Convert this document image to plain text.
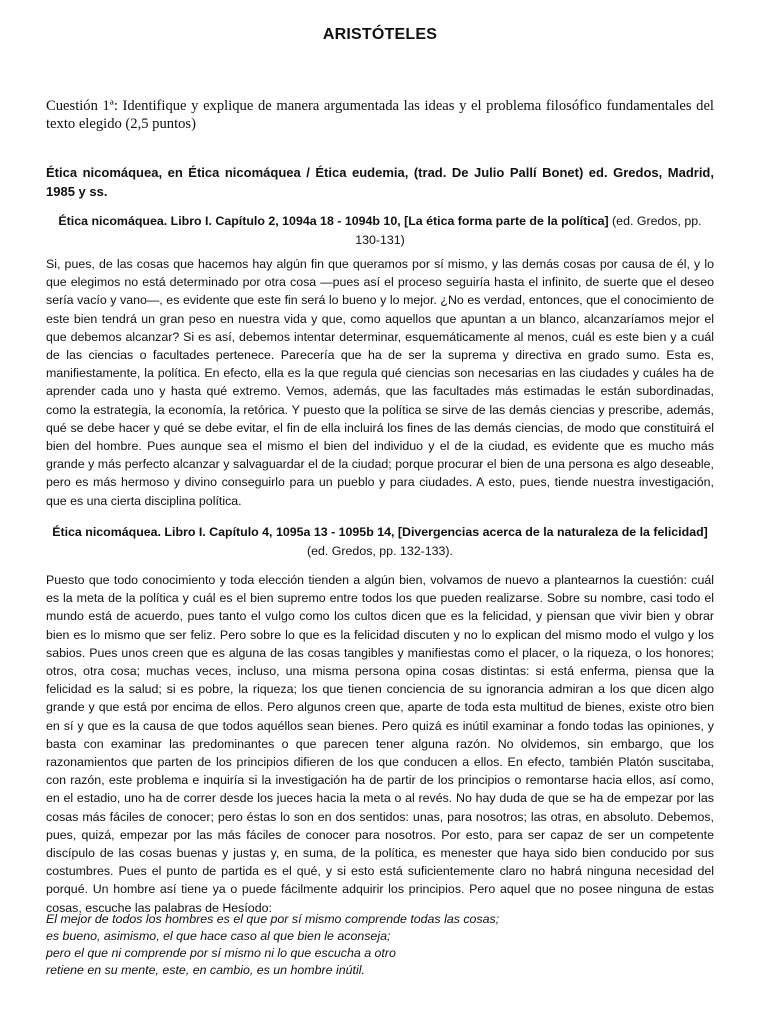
ARISTÓTELES
Cuestión 1ª: Identifique y explique de manera argumentada las ideas y el problema filosófico fundamentales del texto elegido (2,5 puntos)
Ética nicomáquea, en Ética nicomáquea / Ética eudemia, (trad. De Julio Pallí Bonet) ed. Gredos, Madrid, 1985 y ss.
Ética nicomáquea. Libro I. Capítulo 2, 1094a 18 - 1094b 10, [La ética forma parte de la política] (ed. Gredos, pp. 130-131)
Si, pues, de las cosas que hacemos hay algún fin que queramos por sí mismo, y las demás cosas por causa de él, y lo que elegimos no está determinado por otra cosa —pues así el proceso seguiría hasta el infinito, de suerte que el deseo sería vacío y vano—, es evidente que este fin será lo bueno y lo mejor. ¿No es verdad, entonces, que el conocimiento de este bien tendrá un gran peso en nuestra vida y que, como aquellos que apuntan a un blanco, alcanzaríamos mejor el que debemos alcanzar? Si es así, debemos intentar determinar, esquemáticamente al menos, cuál es este bien y a cuál de las ciencias o facultades pertenece. Parecería que ha de ser la suprema y directiva en grado sumo. Esta es, manifiestamente, la política. En efecto, ella es la que regula qué ciencias son necesarias en las ciudades y cuáles ha de aprender cada uno y hasta qué extremo. Vemos, además, que las facultades más estimadas le están subordinadas, como la estrategia, la economía, la retórica. Y puesto que la política se sirve de las demás ciencias y prescribe, además, qué se debe hacer y qué se debe evitar, el fin de ella incluirá los fines de las demás ciencias, de modo que constituirá el bien del hombre. Pues aunque sea el mismo el bien del individuo y el de la ciudad, es evidente que es mucho más grande y más perfecto alcanzar y salvaguardar el de la ciudad; porque procurar el bien de una persona es algo deseable, pero es más hermoso y divino conseguirlo para un pueblo y para ciudades. A esto, pues, tiende nuestra investigación, que es una cierta disciplina política.
Ética nicomáquea. Libro I. Capítulo 4, 1095a 13 - 1095b 14, [Divergencias acerca de la naturaleza de la felicidad] (ed. Gredos, pp. 132-133).
Puesto que todo conocimiento y toda elección tienden a algún bien, volvamos de nuevo a plantearnos la cuestión: cuál es la meta de la política y cuál es el bien supremo entre todos los que pueden realizarse. Sobre su nombre, casi todo el mundo está de acuerdo, pues tanto el vulgo como los cultos dicen que es la felicidad, y piensan que vivir bien y obrar bien es lo mismo que ser feliz. Pero sobre lo que es la felicidad discuten y no lo explican del mismo modo el vulgo y los sabios. Pues unos creen que es alguna de las cosas tangibles y manifiestas como el placer, o la riqueza, o los honores; otros, otra cosa; muchas veces, incluso, una misma persona opina cosas distintas: si está enferma, piensa que la felicidad es la salud; si es pobre, la riqueza; los que tienen conciencia de su ignorancia admiran a los que dicen algo grande y que está por encima de ellos. Pero algunos creen que, aparte de toda esta multitud de bienes, existe otro bien en sí y que es la causa de que todos aquéllos sean bienes. Pero quizá es inútil examinar a fondo todas las opiniones, y basta con examinar las predominantes o que parecen tener alguna razón. No olvidemos, sin embargo, que los razonamientos que parten de los principios difieren de los que conducen a ellos. En efecto, también Platón suscitaba, con razón, este problema e inquiría si la investigación ha de partir de los principios o remontarse hacia ellos, así como, en el estadio, uno ha de correr desde los jueces hacia la meta o al revés. No hay duda de que se ha de empezar por las cosas más fáciles de conocer; pero éstas lo son en dos sentidos: unas, para nosotros; las otras, en absoluto. Debemos, pues, quizá, empezar por las más fáciles de conocer para nosotros. Por esto, para ser capaz de ser un competente discípulo de las cosas buenas y justas y, en suma, de la política, es menester que haya sido bien conducido por sus costumbres. Pues el punto de partida es el qué, y si esto está suficientemente claro no habrá ninguna necesidad del porqué. Un hombre así tiene ya o puede fácilmente adquirir los principios. Pero aquel que no posee ninguna de estas cosas, escuche las palabras de Hesíodo:
El mejor de todos los hombres es el que por sí mismo comprende todas las cosas;
es bueno, asimismo, el que hace caso al que bien le aconseja;
pero el que ni comprende por sí mismo ni lo que escucha a otro
retiene en su mente, este, en cambio, es un hombre inútil.
